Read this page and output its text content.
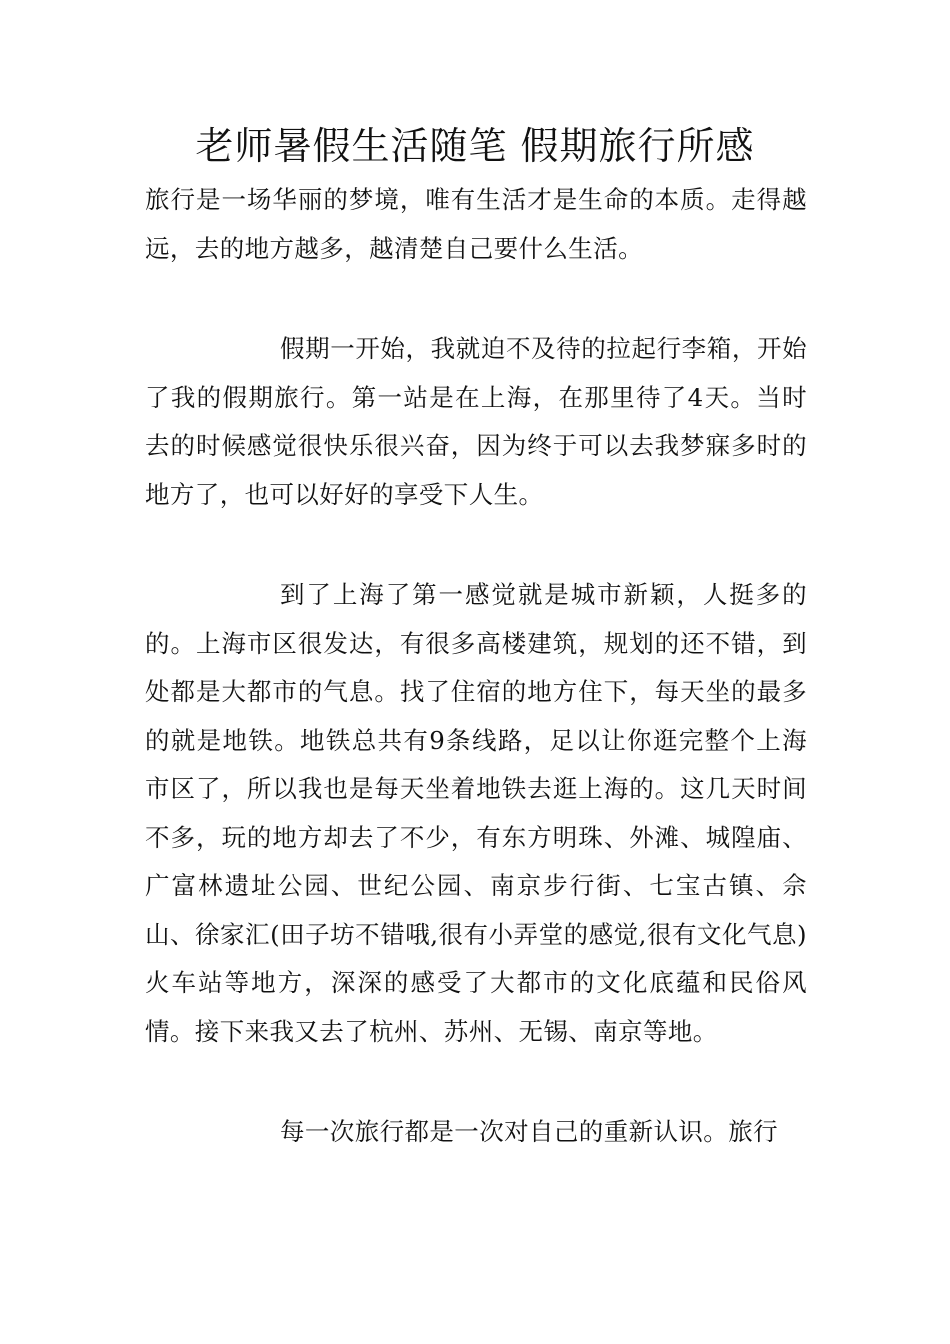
老师暑假生活随笔 假期旅行所感

旅行是一场华丽的梦境，唯有生活才是生命的本质。走得越远，去的地方越多，越清楚自己要什么生活。

假期一开始，我就迫不及待的拉起行李箱，开始了我的假期旅行。第一站是在上海，在那里待了4天。当时去的时候感觉很快乐很兴奋，因为终于可以去我梦寐多时的地方了，也可以好好的享受下人生。

到了上海了第一感觉就是城市新颖，人挺多的的。上海市区很发达，有很多高楼建筑，规划的还不错，到处都是大都市的气息。找了住宿的地方住下，每天坐的最多的就是地铁。地铁总共有9条线路，足以让你逛完整个上海市区了，所以我也是每天坐着地铁去逛上海的。这几天时间不多，玩的地方却去了不少，有东方明珠、外滩、城隍庙、广富林遗址公园、世纪公园、南京步行街、七宝古镇、佘山、徐家汇(田子坊不错哦,很有小弄堂的感觉,很有文化气息)火车站等地方，深深的感受了大都市的文化底蕴和民俗风情。接下来我又去了杭州、苏州、无锡、南京等地。

每一次旅行都是一次对自己的重新认识。旅行
